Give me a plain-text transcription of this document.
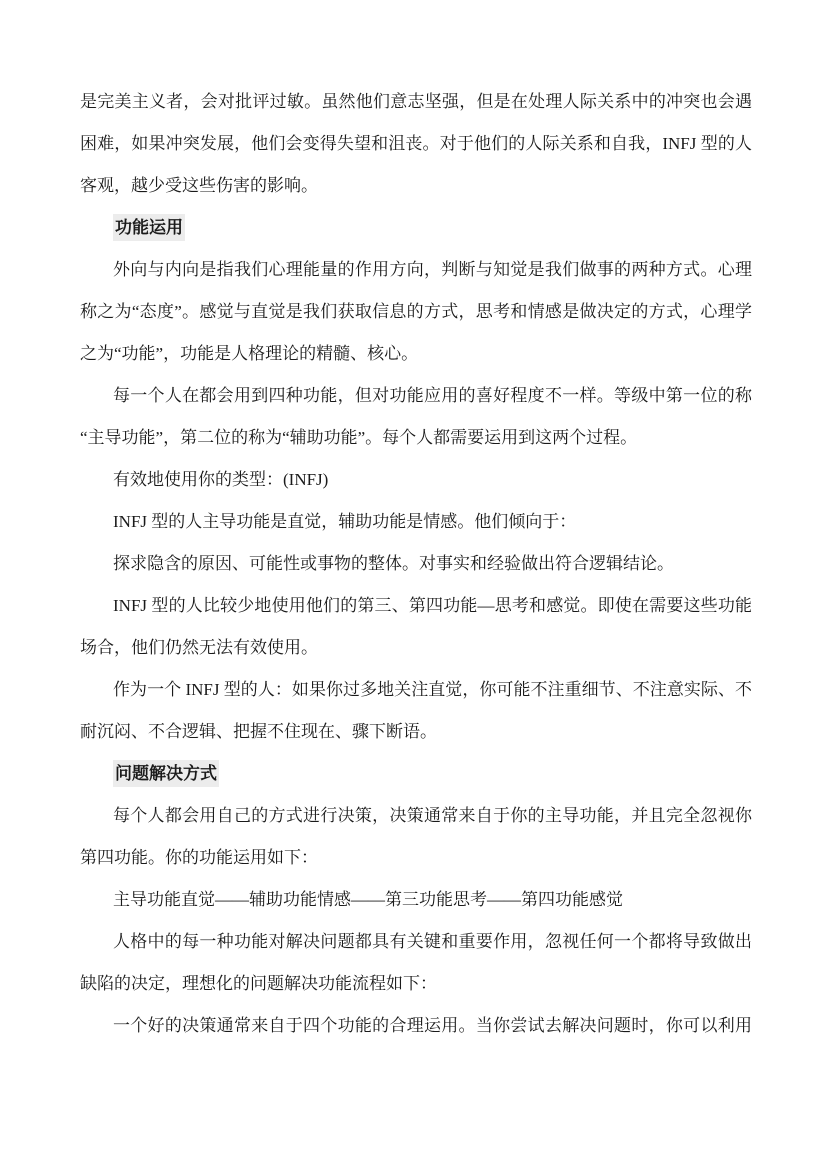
是完美主义者，会对批评过敏。虽然他们意志坚强，但是在处理人际关系中的冲突也会遇
困难，如果冲突发展，他们会变得失望和沮丧。对于他们的人际关系和自我，INFJ 型的人
客观，越少受这些伤害的影响。
功能运用
外向与内向是指我们心理能量的作用方向，判断与知觉是我们做事的两种方式。心理
称之为“态度”。感觉与直觉是我们获取信息的方式，思考和情感是做决定的方式，心理学
之为“功能”，功能是人格理论的精髓、核心。
每一个人在都会用到四种功能，但对功能应用的喜好程度不一样。等级中第一位的称
“主导功能”，第二位的称为“辅助功能”。每个人都需要运用到这两个过程。
有效地使用你的类型：(INFJ)
INFJ 型的人主导功能是直觉，辅助功能是情感。他们倾向于：
探求隐含的原因、可能性或事物的整体。对事实和经验做出符合逻辑结论。
INFJ 型的人比较少地使用他们的第三、第四功能—思考和感觉。即使在需要这些功能
场合，他们仍然无法有效使用。
作为一个 INFJ 型的人：如果你过多地关注直觉，你可能不注重细节、不注意实际、不
耐沉闷、不合逻辑、把握不住现在、骤下断语。
问题解决方式
每个人都会用自己的方式进行决策，决策通常来自于你的主导功能，并且完全忽视你
第四功能。你的功能运用如下：
主导功能直觉——辅助功能情感——第三功能思考——第四功能感觉
人格中的每一种功能对解决问题都具有关键和重要作用，忽视任何一个都将导致做出
缺陷的决定，理想化的问题解决功能流程如下：
一个好的决策通常来自于四个功能的合理运用。当你尝试去解决问题时，你可以利用
